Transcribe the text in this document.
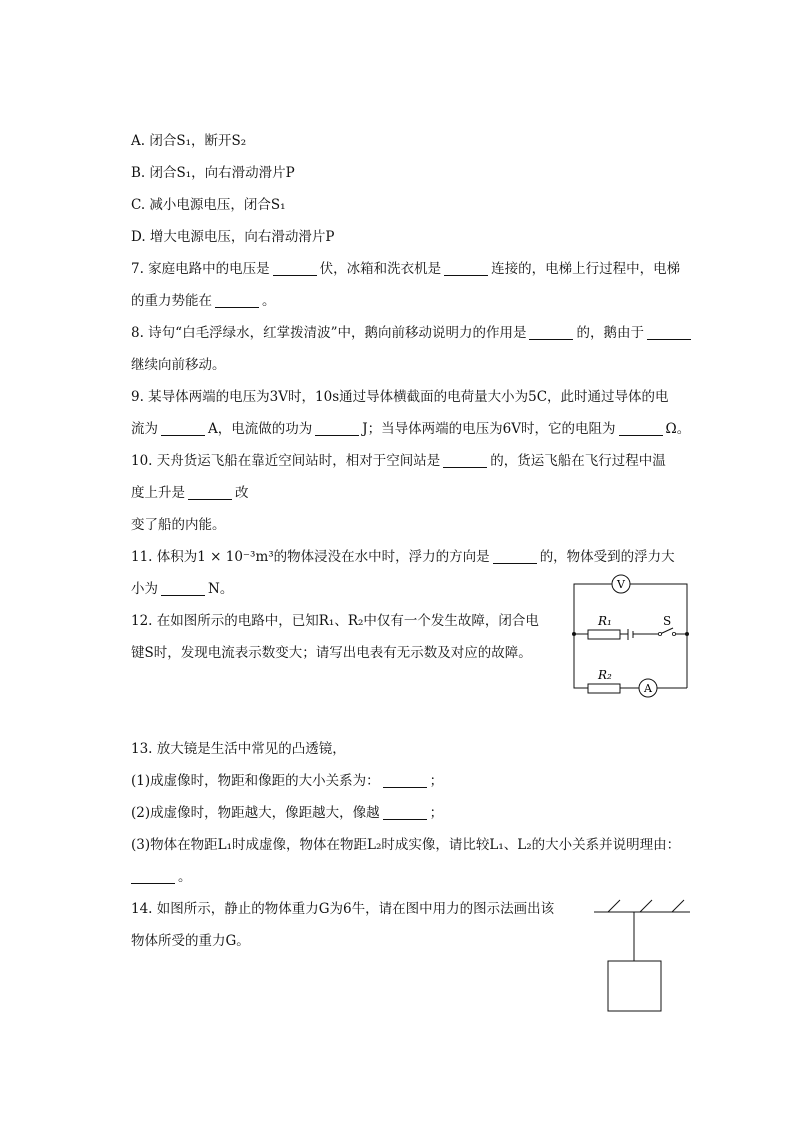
A. 闭合S₁，断开S₂
B. 闭合S₁，向右滑动滑片P
C. 减小电源电压，闭合S₁
D. 增大电源电压，向右滑动滑片P
7. 家庭电路中的电压是	伏，冰箱和洗衣机是	连接的，电梯上行过程中，电梯
的重力势能在	。
8. 诗句“白毛浮绿水，红掌拨清波”中，鹅向前移动说明力的作用是	的，鹅由于
继续向前移动。
9. 某导体两端的电压为3V时，10s通过导体横截面的电荷量大小为5C，此时通过导体的电
流为	A，电流做的功为	J；当导体两端的电压为6V时，它的电阻为	Ω。
10. 天舟货运飞船在靠近空间站时，相对于空间站是	的，货运飞船在飞行过程中温
度上升是	改
变了船的内能。
11. 体积为1 × 10⁻³m³的物体浸没在水中时，浮力的方向是	的，物体受到的浮力大
小为	N。
12. 在如图所示的电路中，已知R₁、R₂中仅有一个发生故障，闭合电
键S时，发现电流表示数变大；请写出电表有无示数及对应的故障。
V
A
R₁
R₂
S
13. 放大镜是生活中常见的凸透镜，
(1)成虚像时，物距和像距的大小关系为：	；
(2)成虚像时，物距越大，像距越大，像越	；
(3)物体在物距L₁时成虚像，物体在物距L₂时成实像，请比较L₁、L₂的大小关系并说明理由：
。
14. 如图所示，静止的物体重力G为6牛，请在图中用力的图示法画出该
物体所受的重力G。
